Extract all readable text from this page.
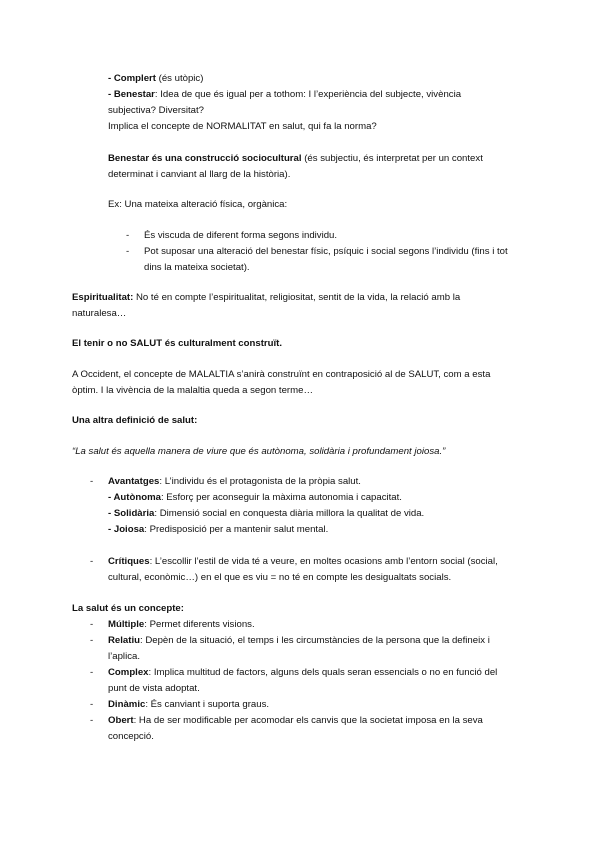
- Complert (és utòpic)
- Benestar: Idea de que és igual per a tothom: I l’experiència del subjecte, vivència
subjectiva? Diversitat?
Implica el concepte de NORMALITAT en salut, qui fa la norma?
Benestar és una construcció sociocultural (és subjectiu, és interpretat per un context
determinat i canviant al llarg de la història).
Ex: Una mateixa alteració física, orgànica:
- És viscuda de diferent forma segons individu.
- Pot suposar una alteració del benestar físic, psíquic i social segons l’individu (fins i tot
dins la mateixa societat).
Espiritualitat: No té en compte l’espiritualitat, religiositat, sentit de la vida, la relació amb la
naturalesa…
El tenir o no SALUT és culturalment construït.
A Occident, el concepte de MALALTIA s’anirà construïnt en contraposició al de SALUT, com a esta
òptim. I la vivència de la malaltia queda a segon terme…
Una altra definició de salut:
“La salut és aquella manera de viure que és autònoma, solidària i profundament joiosa.”
- Avantatges: L’individu és el protagonista de la pròpia salut.
- Autònoma: Esforç per aconseguir la màxima autonomia i capacitat.
- Solidària: Dimensió social en conquesta diària millora la qualitat de vida.
- Joiosa: Predisposició per a mantenir salut mental.
- Crítiques: L’escollir l’estil de vida té a veure, en moltes ocasions amb l’entorn social (social,
cultural, econòmic…) en el que es viu = no té en compte les desigualtats socials.
La salut és un concepte:
- Múltiple: Permet diferents visions.
- Relatiu: Depèn de la situació, el temps i les circumstàncies de la persona que la defineix i
l’aplica.
- Complex: Implica multitud de factors, alguns dels quals seran essencials o no en funció del
punt de vista adoptat.
- Dinàmic: És canviant i suporta graus.
- Obert: Ha de ser modificable per acomodar els canvis que la societat imposa en la seva
concepció.
